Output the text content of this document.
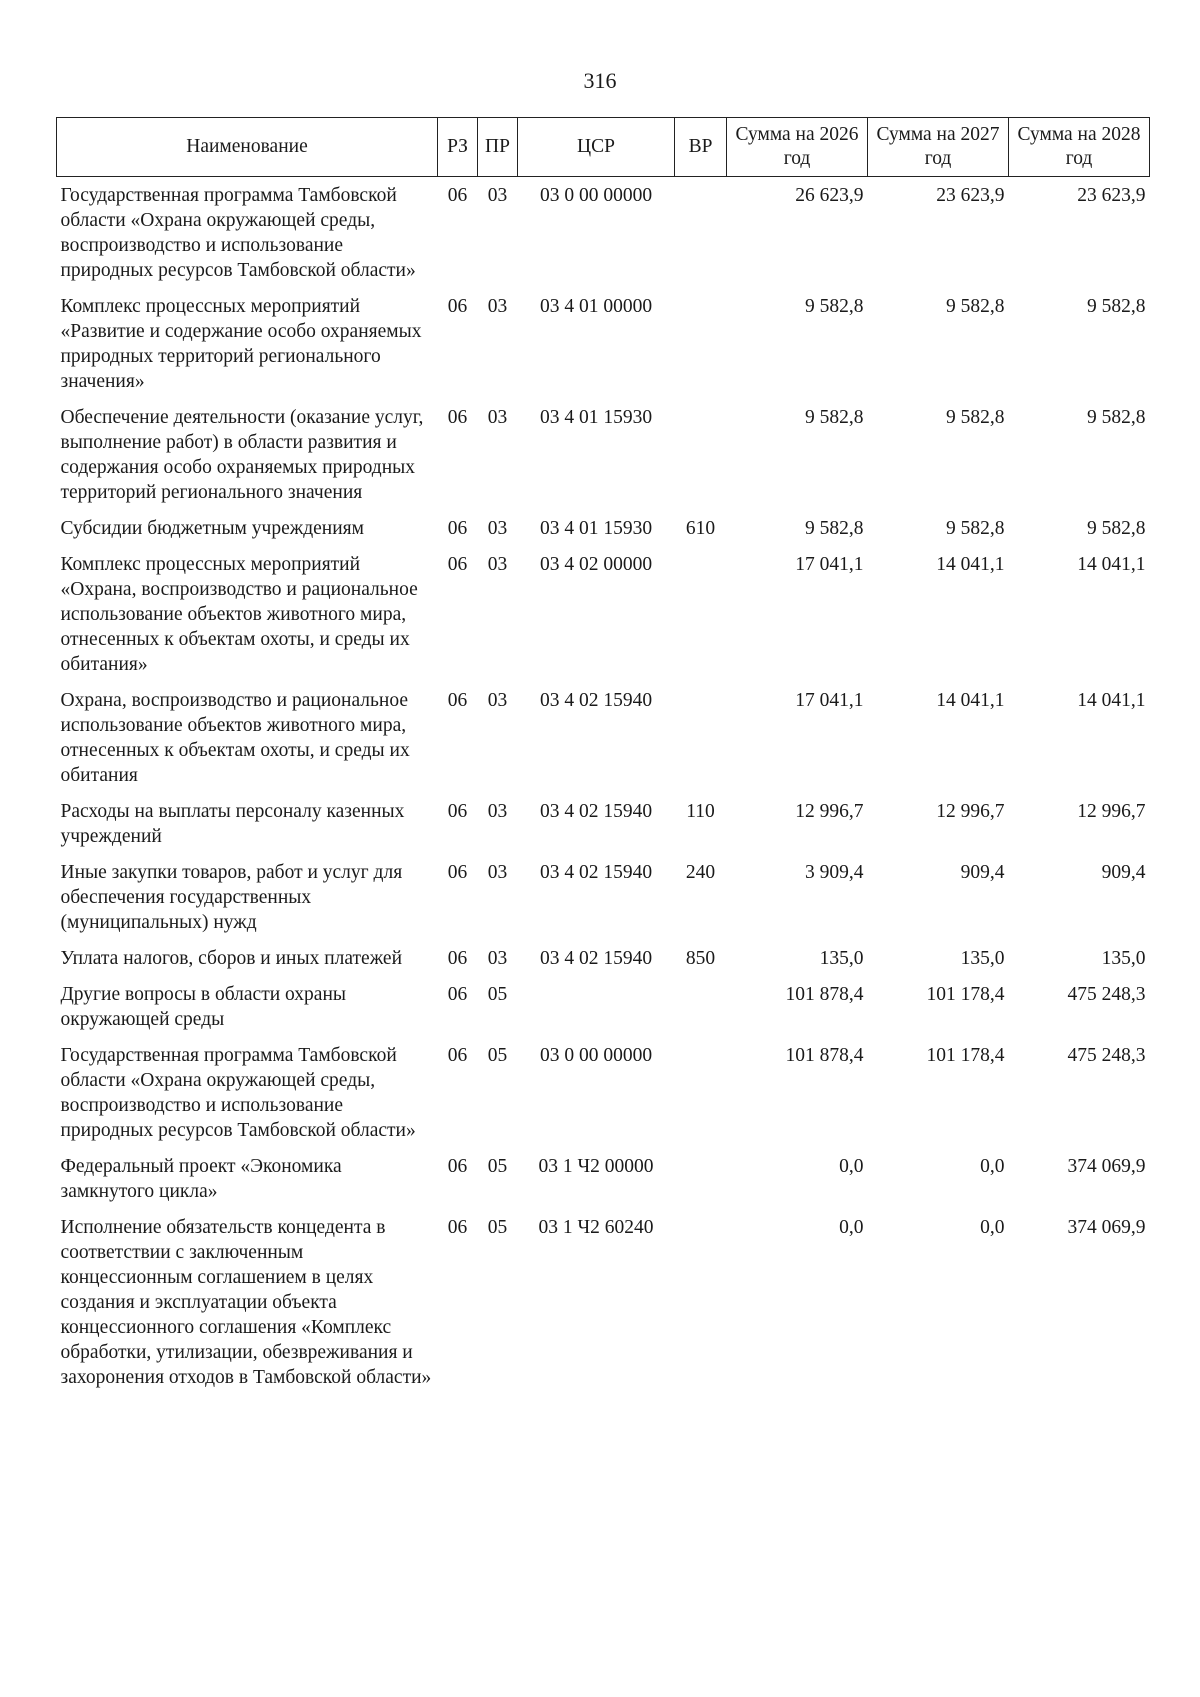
316
Наименование	РЗ	ПР	ЦСР	ВР	Сумма на 2026 год	Сумма на 2027 год	Сумма на 2028 год
Государственная программа Тамбовской области «Охрана окружающей среды, воспроизводство и использование природных ресурсов Тамбовской области»	06	03	03 0 00 00000		26 623,9	23 623,9	23 623,9
Комплекс процессных мероприятий «Развитие и содержание особо охраняемых природных территорий регионального значения»	06	03	03 4 01 00000		9 582,8	9 582,8	9 582,8
Обеспечение деятельности (оказание услуг, выполнение работ) в области развития и содержания особо охраняемых природных территорий регионального значения	06	03	03 4 01 15930		9 582,8	9 582,8	9 582,8
Субсидии бюджетным учреждениям	06	03	03 4 01 15930	610	9 582,8	9 582,8	9 582,8
Комплекс процессных мероприятий «Охрана, воспроизводство и рациональное использование объектов животного мира, отнесенных к объектам охоты, и среды их обитания»	06	03	03 4 02 00000		17 041,1	14 041,1	14 041,1
Охрана, воспроизводство и рациональное использование объектов животного мира, отнесенных к объектам охоты, и среды их обитания	06	03	03 4 02 15940		17 041,1	14 041,1	14 041,1
Расходы на выплаты персоналу казенных учреждений	06	03	03 4 02 15940	110	12 996,7	12 996,7	12 996,7
Иные закупки товаров, работ и услуг для обеспечения государственных (муниципальных) нужд	06	03	03 4 02 15940	240	3 909,4	909,4	909,4
Уплата налогов, сборов и иных платежей	06	03	03 4 02 15940	850	135,0	135,0	135,0
Другие вопросы в области охраны окружающей среды	06	05			101 878,4	101 178,4	475 248,3
Государственная программа Тамбовской области «Охрана окружающей среды, воспроизводство и использование природных ресурсов Тамбовской области»	06	05	03 0 00 00000		101 878,4	101 178,4	475 248,3
Федеральный проект «Экономика замкнутого цикла»	06	05	03 1 Ч2 00000		0,0	0,0	374 069,9
Исполнение обязательств концедента в соответствии с заключенным концессионным соглашением в целях создания и эксплуатации объекта концессионного соглашения «Комплекс обработки, утилизации, обезвреживания и захоронения отходов в Тамбовской области»	06	05	03 1 Ч2 60240		0,0	0,0	374 069,9
